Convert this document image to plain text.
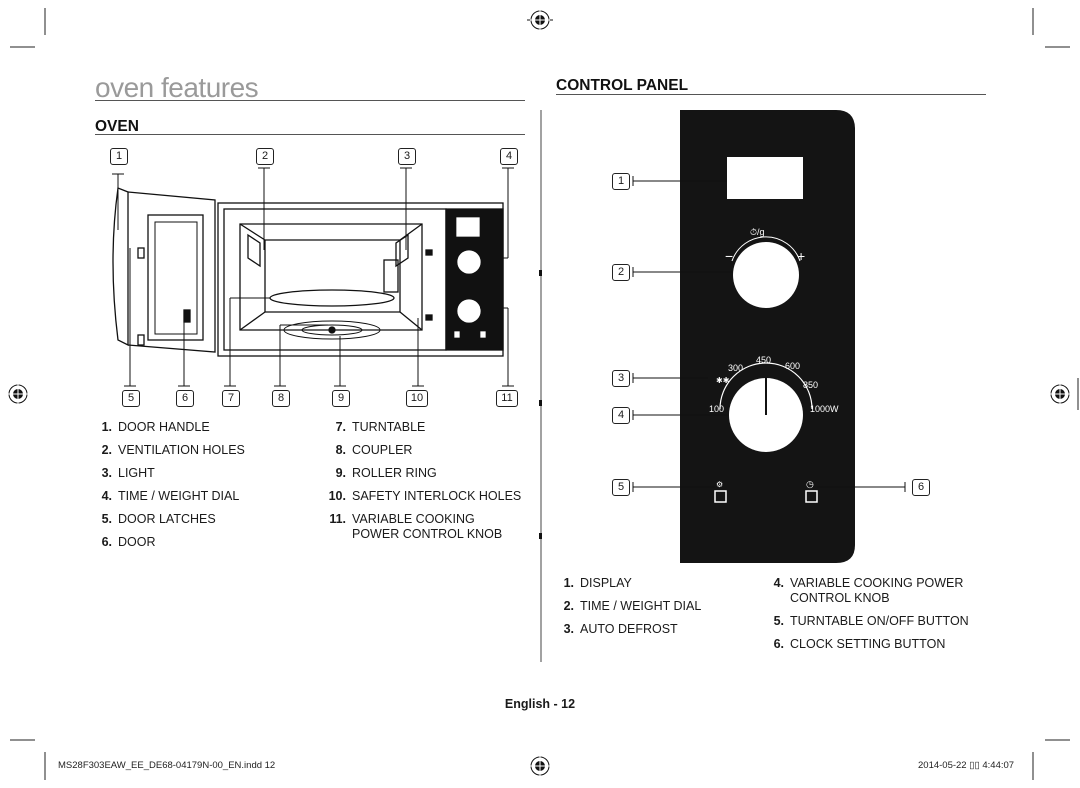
oven features
OVEN
CONTROL PANEL
1	2	3	4
5	6	7	8	9	10	11
1. DOOR HANDLE
2. VENTILATION HOLES
3. LIGHT
4. TIME / WEIGHT DIAL
5. DOOR LATCHES
6. DOOR
7. TURNTABLE
8. COUPLER
9. ROLLER RING
10. SAFETY INTERLOCK HOLES
11. VARIABLE COOKING
POWER CONTROL KNOB
⏱/g
−	+
300
450
600
850
100	1000W
✱✱
⚙	◷
1
2
3
4
5	6
1. DISPLAY
2. TIME / WEIGHT DIAL
3. AUTO DEFROST
4. VARIABLE COOKING POWER
CONTROL KNOB
5. TURNTABLE ON/OFF BUTTON
6. CLOCK SETTING BUTTON
English - 12
MS28F303EAW_EE_DE68-04179N-00_EN.indd 12	2014-05-22 ▯▯ 4:44:07
